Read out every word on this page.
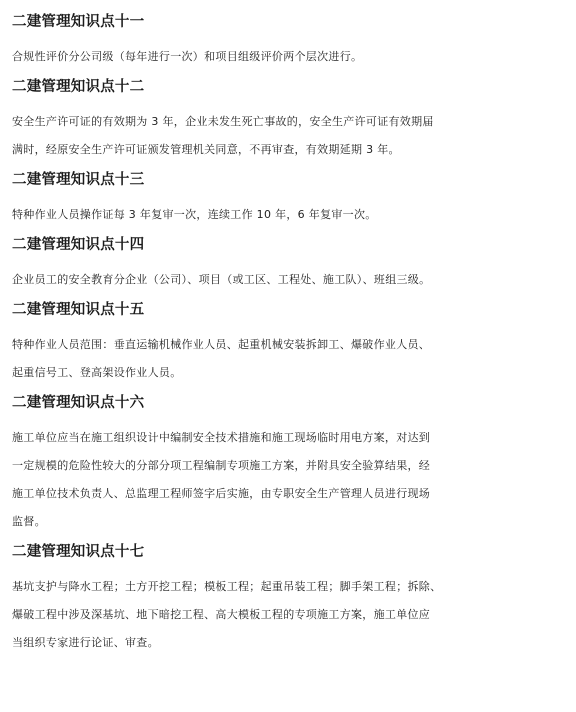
二建管理知识点十一
合规性评价分公司级（每年进行一次）和项目组级评价两个层次进行。
二建管理知识点十二
安全生产许可证的有效期为 3 年，企业未发生死亡事故的，安全生产许可证有效期届
满时，经原安全生产许可证颁发管理机关同意，不再审查，有效期延期 3 年。
二建管理知识点十三
特种作业人员操作证每 3 年复审一次，连续工作 10 年，6 年复审一次。
二建管理知识点十四
企业员工的安全教育分企业（公司）、项目（或工区、工程处、施工队）、班组三级。
二建管理知识点十五
特种作业人员范围：垂直运输机械作业人员、起重机械安装拆卸工、爆破作业人员、
起重信号工、登高架设作业人员。
二建管理知识点十六
施工单位应当在施工组织设计中编制安全技术措施和施工现场临时用电方案，对达到
一定规模的危险性较大的分部分项工程编制专项施工方案，并附具安全验算结果，经
施工单位技术负责人、总监理工程师签字后实施，由专职安全生产管理人员进行现场
监督。
二建管理知识点十七
基坑支护与降水工程；土方开挖工程；模板工程；起重吊装工程；脚手架工程；拆除、
爆破工程中涉及深基坑、地下暗挖工程、高大模板工程的专项施工方案，施工单位应
当组织专家进行论证、审查。
